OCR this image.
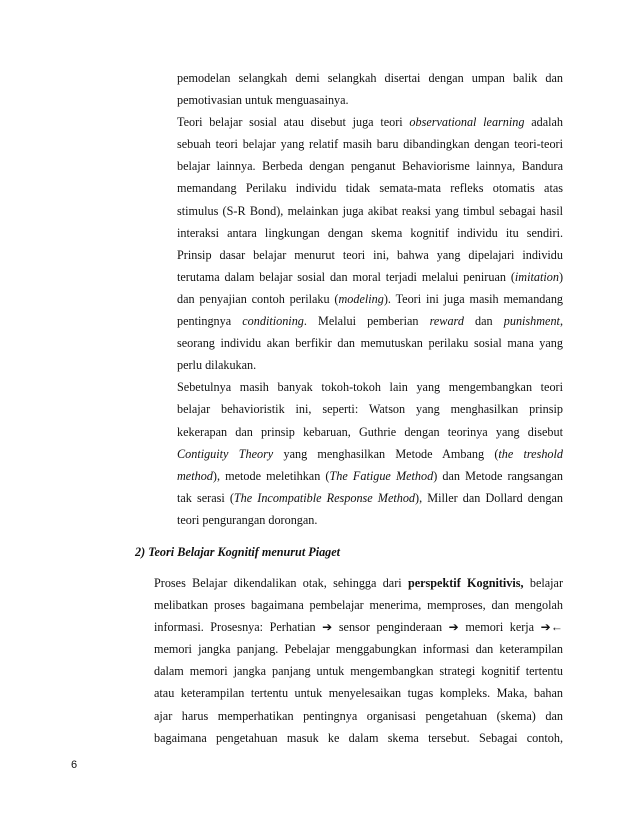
pemodelan selangkah demi selangkah disertai dengan umpan balik dan
pemotivasian untuk menguasainya.
Teori belajar sosial atau disebut juga teori observational learning adalah
sebuah teori belajar yang relatif masih baru dibandingkan dengan teori-teori
belajar lainnya. Berbeda dengan penganut Behaviorisme lainnya, Bandura
memandang Perilaku individu tidak semata-mata refleks otomatis atas
stimulus (S-R Bond), melainkan juga akibat reaksi yang timbul sebagai hasil
interaksi antara lingkungan dengan skema kognitif individu itu sendiri.
Prinsip dasar belajar menurut teori ini, bahwa yang dipelajari individu
terutama dalam belajar sosial dan moral terjadi melalui peniruan (imitation)
dan penyajian contoh perilaku (modeling). Teori ini juga masih memandang
pentingnya conditioning. Melalui pemberian reward dan punishment,
seorang individu akan berfikir dan memutuskan perilaku sosial mana yang
perlu dilakukan.
Sebetulnya masih banyak tokoh-tokoh lain yang mengembangkan teori
belajar behavioristik ini, seperti: Watson yang menghasilkan prinsip
kekerapan dan prinsip kebaruan, Guthrie dengan teorinya yang disebut
Contiguity Theory yang menghasilkan Metode Ambang (the treshold
method), metode meletihkan (The Fatigue Method) dan Metode rangsangan
tak serasi (The Incompatible Response Method), Miller dan Dollard dengan
teori pengurangan dorongan.
2) Teori Belajar Kognitif menurut Piaget
Proses Belajar dikendalikan otak, sehingga dari perspektif Kognitivis, belajar
melibatkan proses bagaimana pembelajar menerima, memproses, dan mengolah
informasi. Prosesnya: Perhatian ➔ sensor penginderaan ➔ memori kerja ➔←
memori jangka panjang. Pebelajar menggabungkan informasi dan keterampilan
dalam memori jangka panjang untuk mengembangkan strategi kognitif tertentu
atau keterampilan tertentu untuk menyelesaikan tugas kompleks. Maka, bahan
ajar harus memperhatikan pentingnya organisasi pengetahuan (skema) dan
bagaimana pengetahuan masuk ke dalam skema tersebut. Sebagai contoh,
6
